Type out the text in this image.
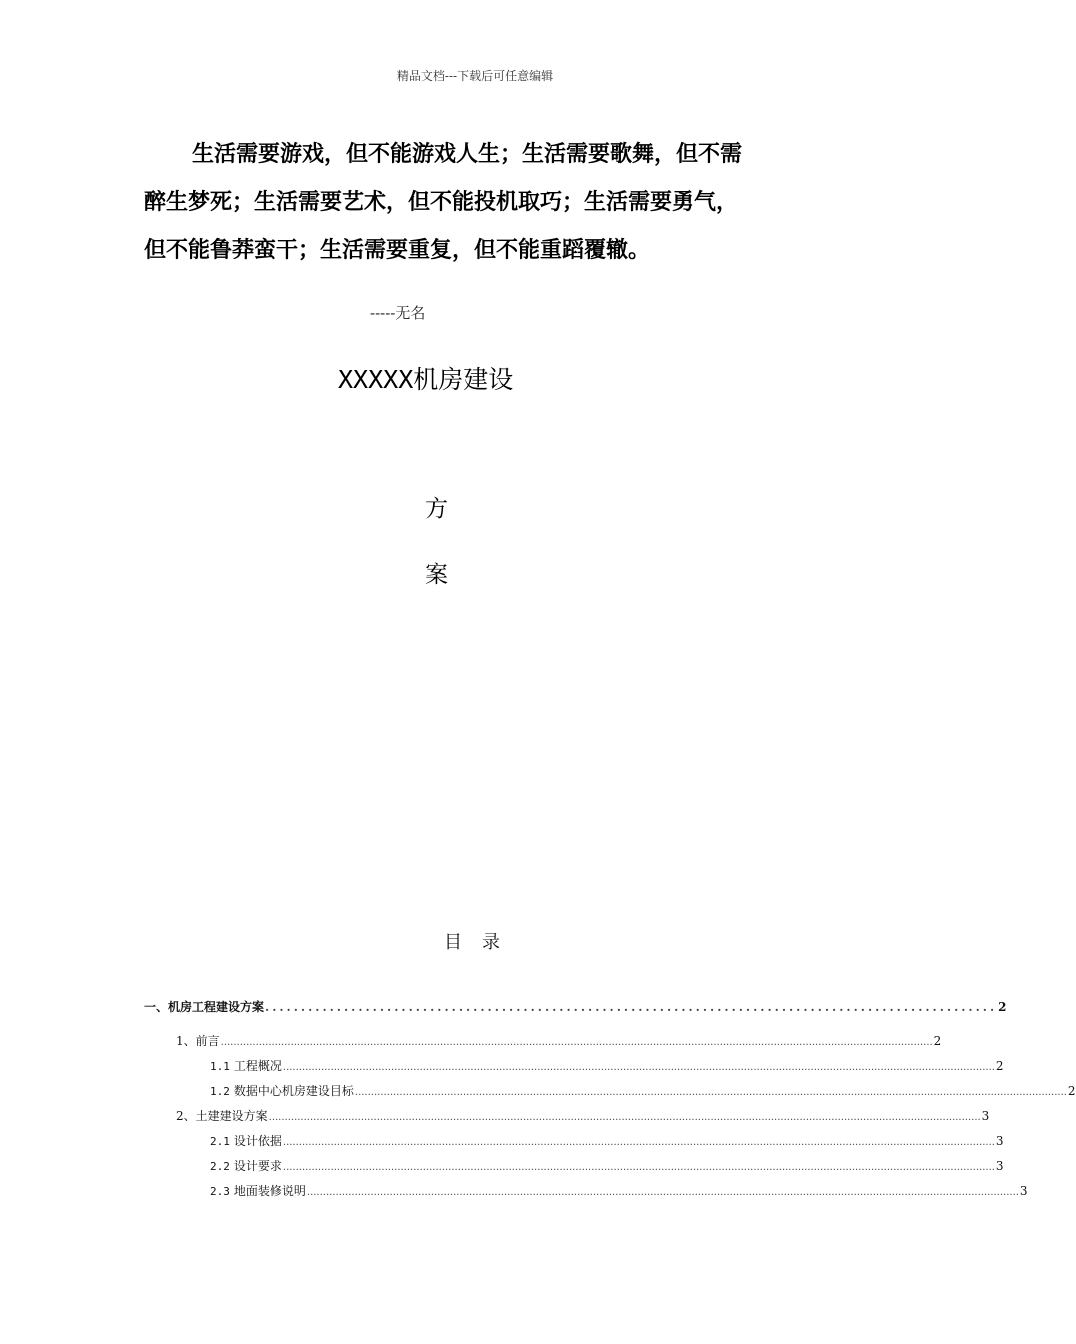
精品文档---下载后可任意编辑
生活需要游戏，但不能游戏人生；生活需要歌舞，但不需
醉生梦死；生活需要艺术，但不能投机取巧；生活需要勇气，
但不能鲁莽蛮干；生活需要重复，但不能重蹈覆辙。
-----无名
XXXXX机房建设
方
案
目 录
一、机房工程建设方案 ...................................................................................................... 2
1、前言 ................................................................................................................................................................................................................................ 2
1.1 工程概况 ................................................................................................................................................................................................................................ 2
1.2 数据中心机房建设目标 ................................................................................................................................................................................................................................ 2
2、土建建设方案 ................................................................................................................................................................................................................................ 3
2.1 设计依据 ................................................................................................................................................................................................................................ 3
2.2 设计要求 ................................................................................................................................................................................................................................ 3
2.3 地面装修说明 ................................................................................................................................................................................................................................ 3
